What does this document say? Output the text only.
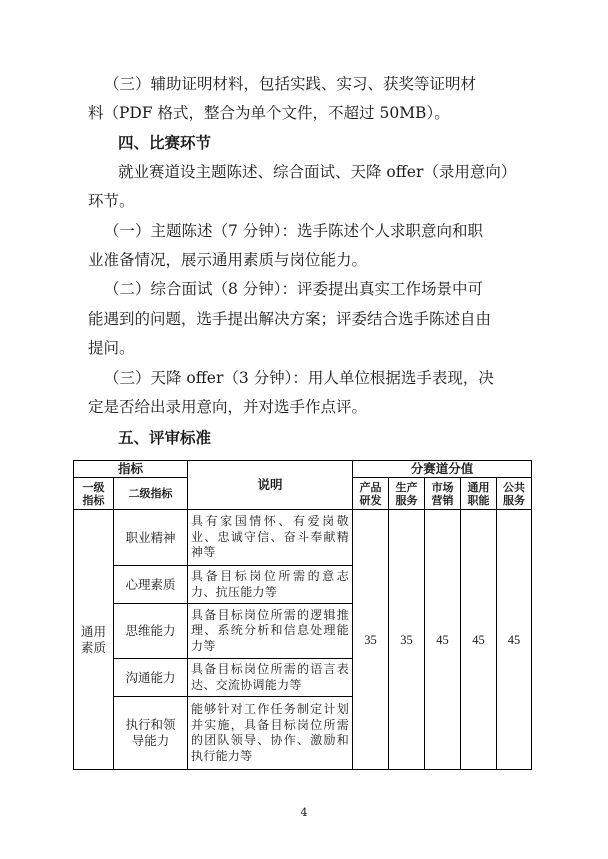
（三）辅助证明材料，包括实践、实习、获奖等证明材
料（PDF 格式，整合为单个文件，不超过 50MB）。
四、比赛环节
就业赛道设主题陈述、综合面试、天降 offer（录用意向）
环节。
（一）主题陈述（7 分钟）：选手陈述个人求职意向和职
业准备情况，展示通用素质与岗位能力。
（二）综合面试（8 分钟）：评委提出真实工作场景中可
能遇到的问题，选手提出解决方案；评委结合选手陈述自由
提问。
（三）天降 offer（3 分钟）：用人单位根据选手表现，决
定是否给出录用意向，并对选手作点评。
五、评审标准
指标		说明	分赛道分值				
一级指标	二级指标		产品研发	生产服务	市场营销	通用职能	公共服务
通用素质	职业精神	具有家国情怀、有爱岗敬业、忠诚守信、奋斗奉献精神等	35	35	45	45	45
	心理素质	具备目标岗位所需的意志力、抗压能力等					
	思维能力	具备目标岗位所需的逻辑推理、系统分析和信息处理能力等					
	沟通能力	具备目标岗位所需的语言表达、交流协调能力等					
	执行和领导能力	能够针对工作任务制定计划并实施，具备目标岗位所需的团队领导、协作、激励和执行能力等					
4
